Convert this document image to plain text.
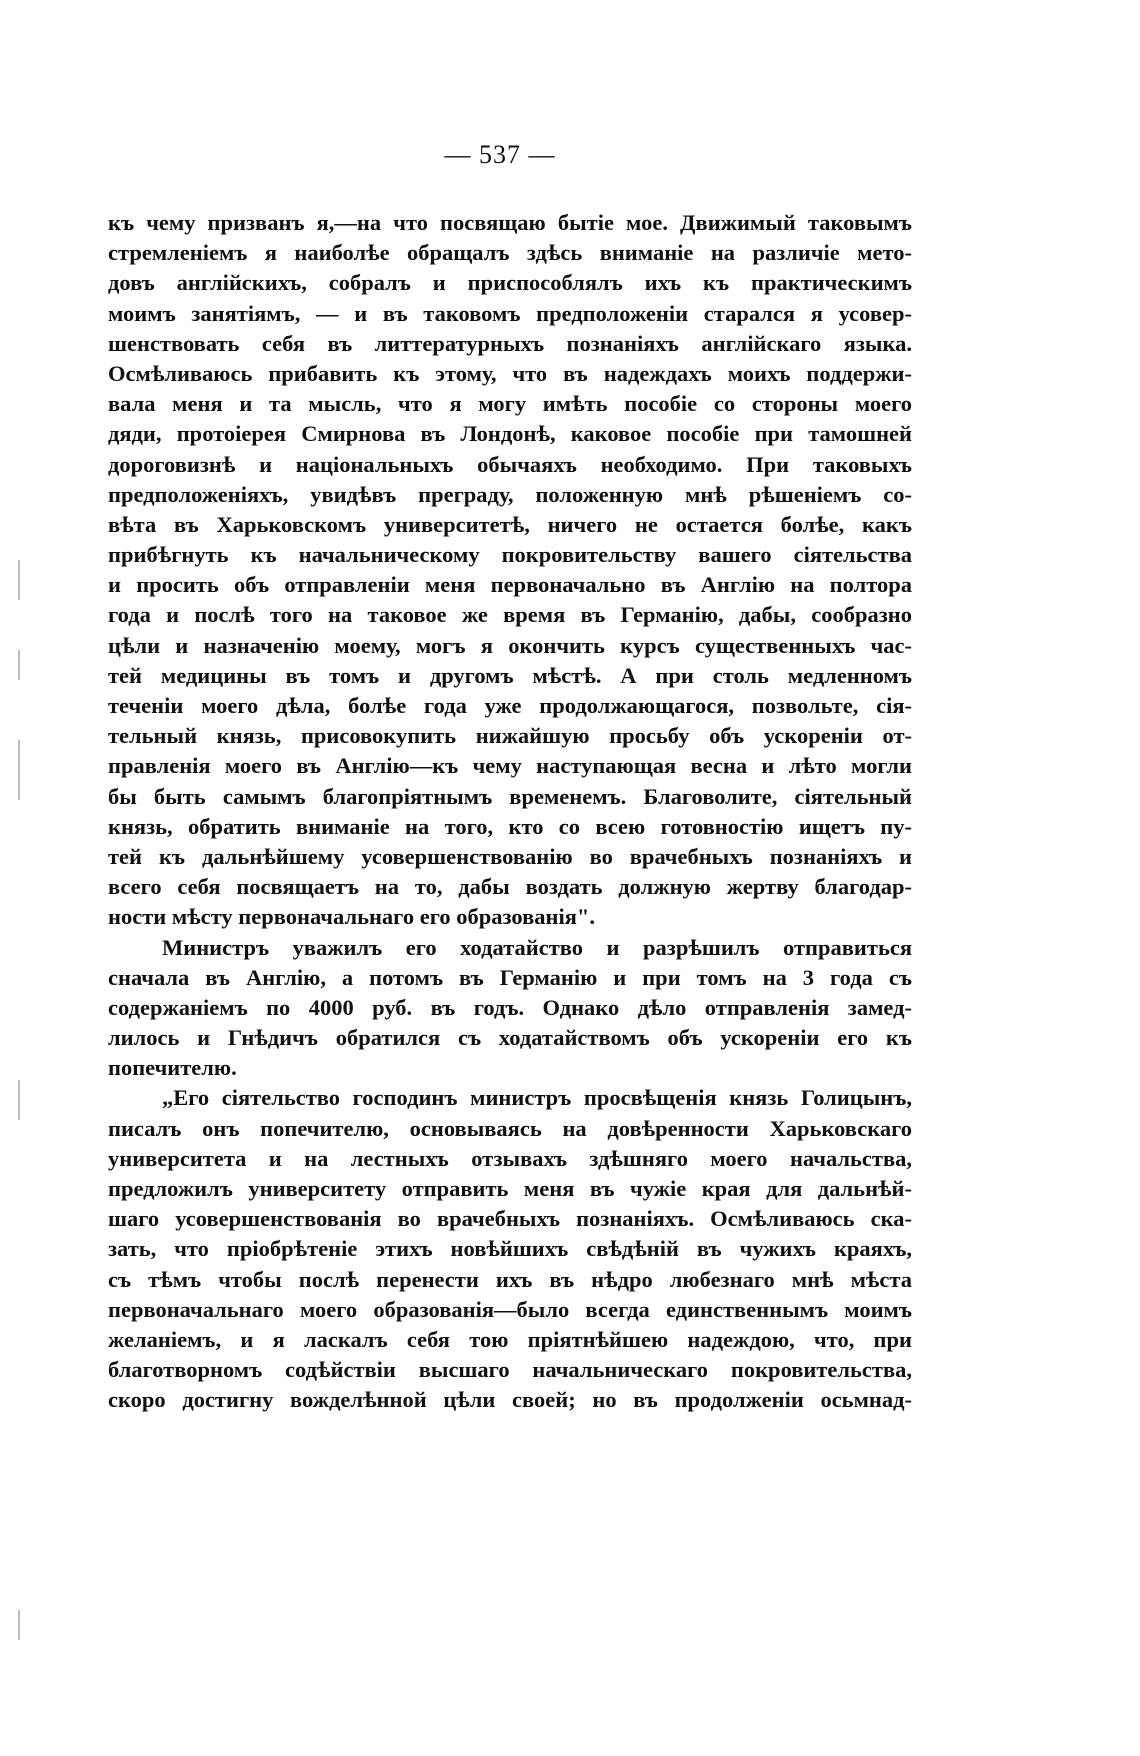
— 537 —
къ чему призванъ я,—на что посвящаю бытіе мое. Движимый таковымъ
стремленіемъ я наиболѣе обращалъ здѣсь вниманіе на различіе мето-
довъ англійскихъ, собралъ и приспособлялъ ихъ къ практическимъ
моимъ занятіямъ, — и въ таковомъ предположеніи старался я усовер-
шенствовать себя въ литтературныхъ познаніяхъ англійскаго языка.
Осмѣливаюсь прибавить къ этому, что въ надеждахъ моихъ поддержи-
вала меня и та мысль, что я могу имѣть пособіе со стороны моего
дяди, протоіерея Смирнова въ Лондонѣ, каковое пособіе при тамошней
дороговизнѣ и національныхъ обычаяхъ необходимо. При таковыхъ
предположеніяхъ, увидѣвъ преграду, положенную мнѣ рѣшеніемъ со-
вѣта въ Харьковскомъ университетѣ, ничего не остается болѣе, какъ
прибѣгнуть къ начальническому покровительству вашего сіятельства
и просить объ отправленіи меня первоначально въ Англію на полтора
года и послѣ того на таковое же время въ Германію, дабы, сообразно
цѣли и назначенію моему, могъ я окончить курсъ существенныхъ час-
тей медицины въ томъ и другомъ мѣстѣ. А при столь медленномъ
теченіи моего дѣла, болѣе года уже продолжающагося, позвольте, сія-
тельный князь, присовокупить нижайшую просьбу объ ускореніи от-
правленія моего въ Англію—къ чему наступающая весна и лѣто могли
бы быть самымъ благопріятнымъ временемъ. Благоволите, сіятельный
князь, обратить вниманіе на того, кто со всею готовностію ищетъ пу-
тей къ дальнѣйшему усовершенствованію во врачебныхъ познаніяхъ и
всего себя посвящаетъ на то, дабы воздать должную жертву благодар-
ности мѣсту первоначальнаго его образованія".
Министръ уважилъ его ходатайство и разрѣшилъ отправиться
сначала въ Англію, а потомъ въ Германію и при томъ на 3 года съ
содержаніемъ по 4000 руб. въ годъ. Однако дѣло отправленія замед-
лилось и Гнѣдичъ обратился съ ходатайствомъ объ ускореніи его къ
попечителю.
„Его сіятельство господинъ министръ просвѣщенія князь Голицынъ,
писалъ онъ попечителю, основываясь на довѣренности Харьковскаго
университета и на лестныхъ отзывахъ здѣшняго моего начальства,
предложилъ университету отправить меня въ чужіе края для дальнѣй-
шаго усовершенствованія во врачебныхъ познаніяхъ. Осмѣливаюсь ска-
зать, что пріобрѣтеніе этихъ новѣйшихъ свѣдѣній въ чужихъ краяхъ,
съ тѣмъ чтобы послѣ перенести ихъ въ нѣдро любезнаго мнѣ мѣста
первоначальнаго моего образованія—было всегда единственнымъ моимъ
желаніемъ, и я ласкалъ себя тою пріятнѣйшею надеждою, что, при
благотворномъ содѣйствіи высшаго начальническаго покровительства,
скоро достигну вожделѣнной цѣли своей; но въ продолженіи осьмнад-
